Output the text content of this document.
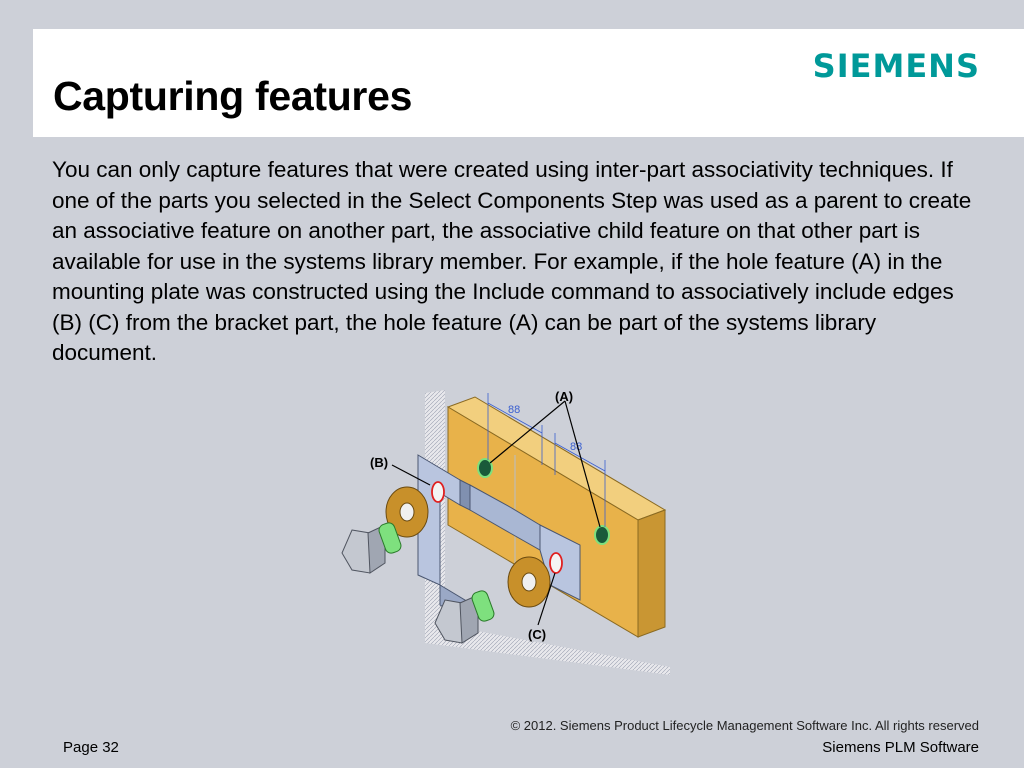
Capturing features
SIEMENS

You can only capture features that were created using inter-part associativity techniques. If one of the parts you selected in the Select Components Step was used as a parent to create an associative feature on another part, the associative child feature on that other part is available for use in the systems library member. For example, if the hole feature (A) in the mounting plate was constructed using the Include command to associatively include edges (B) (C) from the bracket part, the hole feature (A) can be part of the systems library document.

88
88
(A)
(B)
(C)
© 2012. Siemens Product Lifecycle Management Software Inc. All rights reserved
Page 32	Siemens PLM Software
